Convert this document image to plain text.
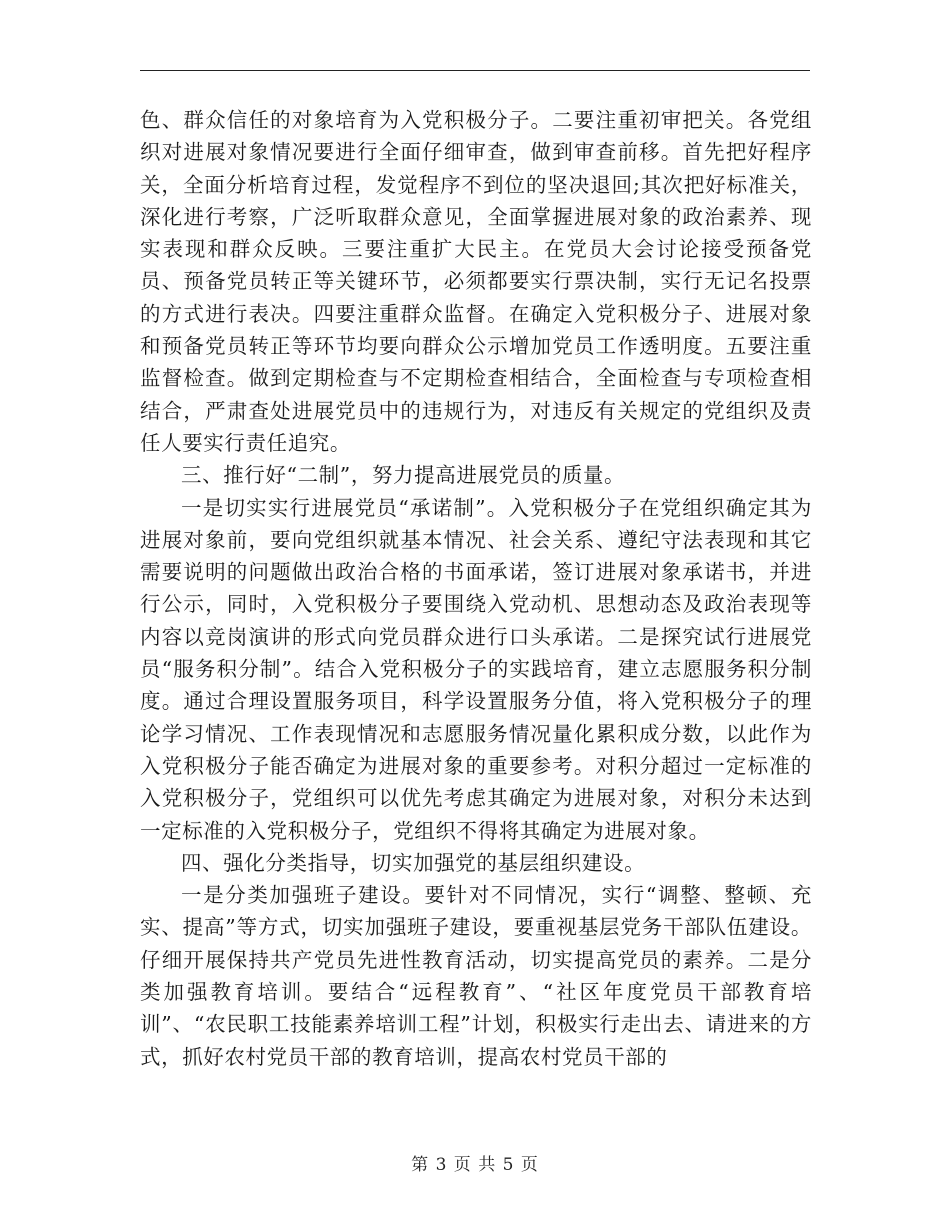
色、群众信任的对象培育为入党积极分子。二要注重初审把关。各党组织对进展对象情况要进行全面仔细审查，做到审查前移。首先把好程序关，全面分析培育过程，发觉程序不到位的坚决退回;其次把好标准关，深化进行考察，广泛听取群众意见，全面掌握进展对象的政治素养、现实表现和群众反映。三要注重扩大民主。在党员大会讨论接受预备党员、预备党员转正等关键环节，必须都要实行票决制，实行无记名投票的方式进行表决。四要注重群众监督。在确定入党积极分子、进展对象和预备党员转正等环节均要向群众公示增加党员工作透明度。五要注重监督检查。做到定期检查与不定期检查相结合，全面检查与专项检查相结合，严肃查处进展党员中的违规行为，对违反有关规定的党组织及责任人要实行责任追究。

三、推行好“二制”，努力提高进展党员的质量。

一是切实实行进展党员“承诺制”。入党积极分子在党组织确定其为进展对象前，要向党组织就基本情况、社会关系、遵纪守法表现和其它需要说明的问题做出政治合格的书面承诺，签订进展对象承诺书，并进行公示，同时，入党积极分子要围绕入党动机、思想动态及政治表现等内容以竞岗演讲的形式向党员群众进行口头承诺。二是探究试行进展党员“服务积分制”。结合入党积极分子的实践培育，建立志愿服务积分制度。通过合理设置服务项目，科学设置服务分值，将入党积极分子的理论学习情况、工作表现情况和志愿服务情况量化累积成分数，以此作为入党积极分子能否确定为进展对象的重要参考。对积分超过一定标准的入党积极分子，党组织可以优先考虑其确定为进展对象，对积分未达到一定标准的入党积极分子，党组织不得将其确定为进展对象。

四、强化分类指导，切实加强党的基层组织建设。

一是分类加强班子建设。要针对不同情况，实行“调整、整顿、充实、提高”等方式，切实加强班子建设，要重视基层党务干部队伍建设。仔细开展保持共产党员先进性教育活动，切实提高党员的素养。二是分类加强教育培训。要结合“远程教育”、“社区年度党员干部教育培训”、“农民职工技能素养培训工程”计划，积极实行走出去、请进来的方式，抓好农村党员干部的教育培训，提高农村党员干部的

第 3 页 共 5 页
